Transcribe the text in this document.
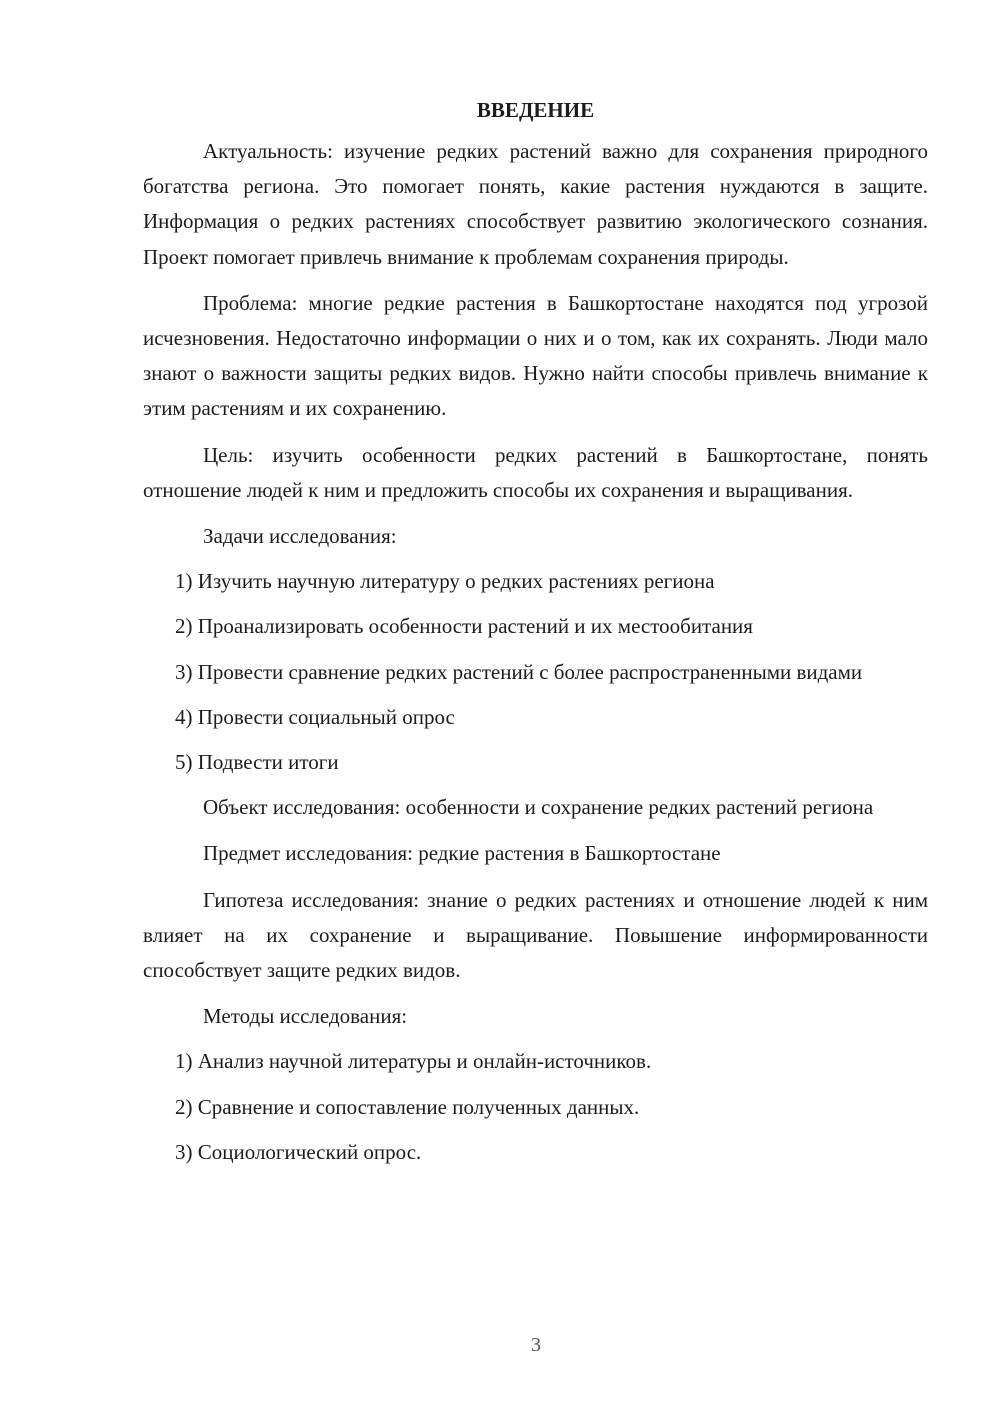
ВВЕДЕНИЕ

Актуальность: изучение редких растений важно для сохранения природного богатства региона. Это помогает понять, какие растения нуждаются в защите. Информация о редких растениях способствует развитию экологического сознания. Проект помогает привлечь внимание к проблемам сохранения природы.

Проблема: многие редкие растения в Башкортостане находятся под угрозой исчезновения. Недостаточно информации о них и о том, как их сохранять. Люди мало знают о важности защиты редких видов. Нужно найти способы привлечь внимание к этим растениям и их сохранению.

Цель: изучить особенности редких растений в Башкортостане, понять отношение людей к ним и предложить способы их сохранения и выращивания.

Задачи исследования:

1) Изучить научную литературу о редких растениях региона

2) Проанализировать особенности растений и их местообитания

3) Провести сравнение редких растений с более распространенными видами

4) Провести социальный опрос

5) Подвести итоги

Объект исследования: особенности и сохранение редких растений региона

Предмет исследования: редкие растения в Башкортостане

Гипотеза исследования: знание о редких растениях и отношение людей к ним влияет на их сохранение и выращивание. Повышение информированности способствует защите редких видов.

Методы исследования:

1) Анализ научной литературы и онлайн-источников.

2) Сравнение и сопоставление полученных данных.

3) Социологический опрос.

3
